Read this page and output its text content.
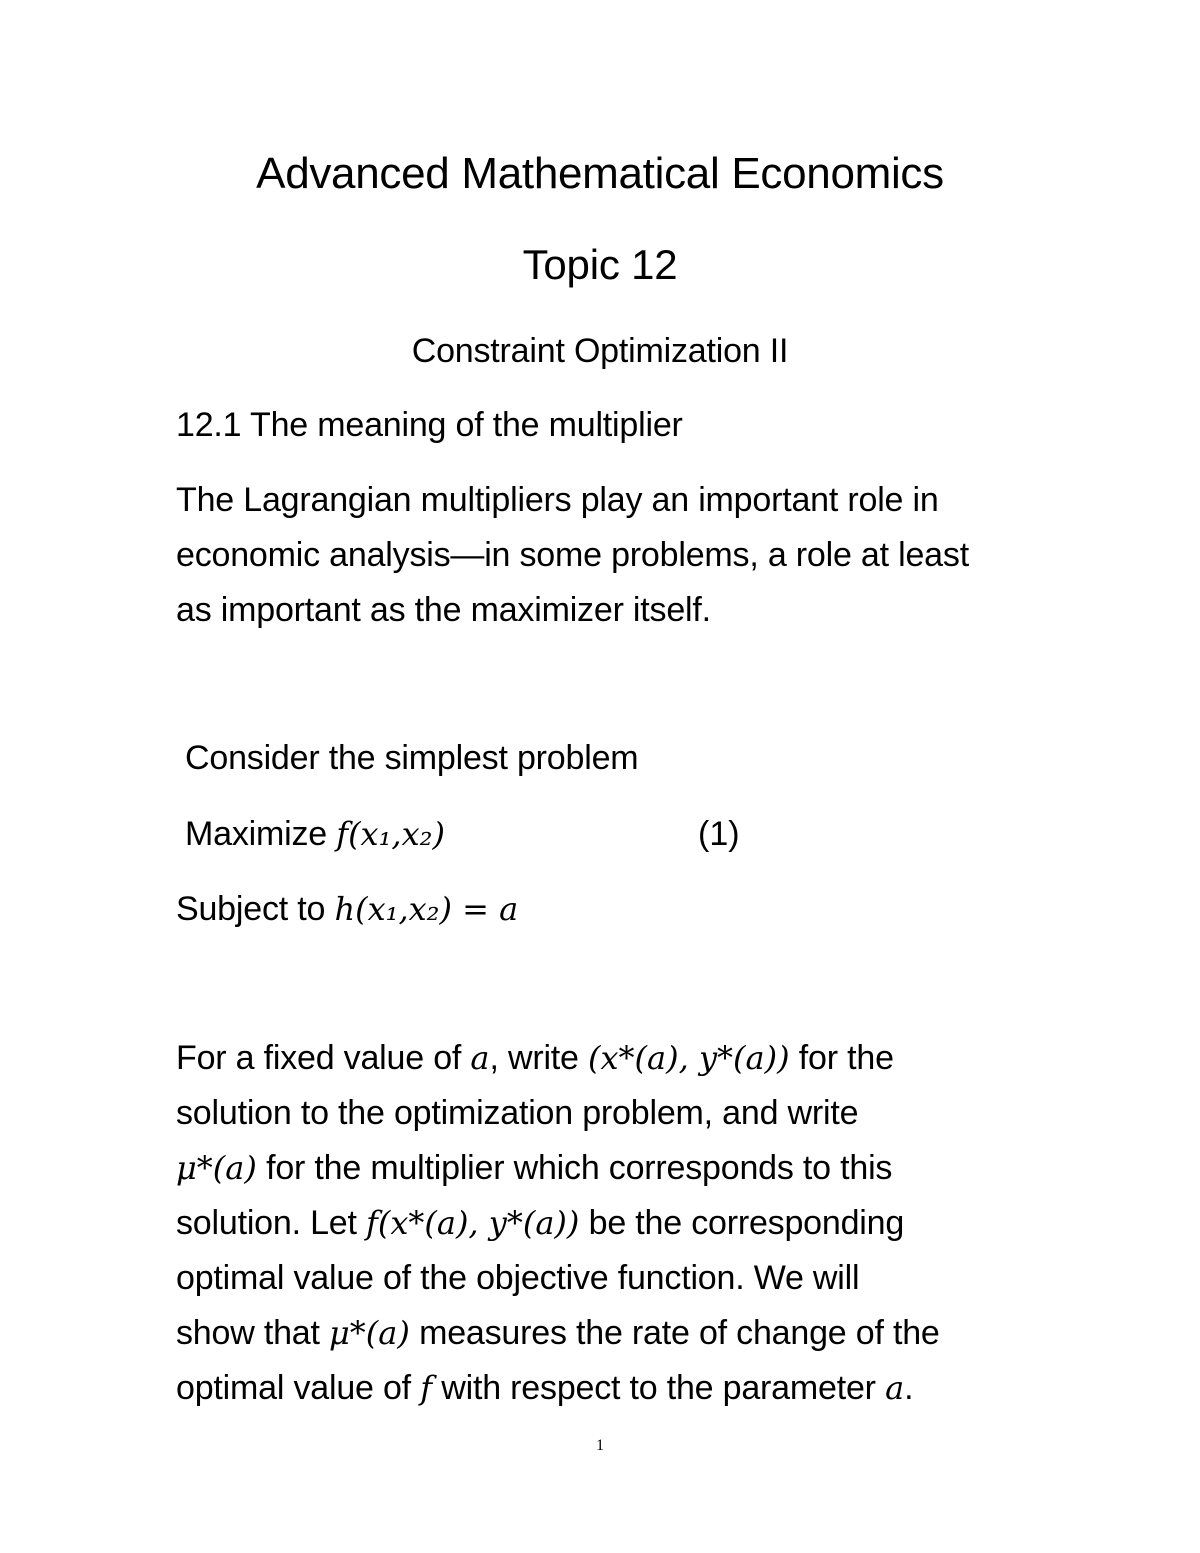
Advanced Mathematical Economics
Topic 12
Constraint Optimization II
12.1 The meaning of the multiplier
The Lagrangian multipliers play an important role in
economic analysis—in some problems, a role at least
as important as the maximizer itself.
Consider the simplest problem
Maximize f(x₁,x₂)	(1)
Subject to h(x₁,x₂) = a
For a fixed value of a, write (x*(a), y*(a)) for the
solution to the optimization problem, and write
μ*(a) for the multiplier which corresponds to this
solution. Let f(x*(a), y*(a)) be the corresponding
optimal value of the objective function. We will
show that μ*(a) measures the rate of change of the
optimal value of f with respect to the parameter a.
1
